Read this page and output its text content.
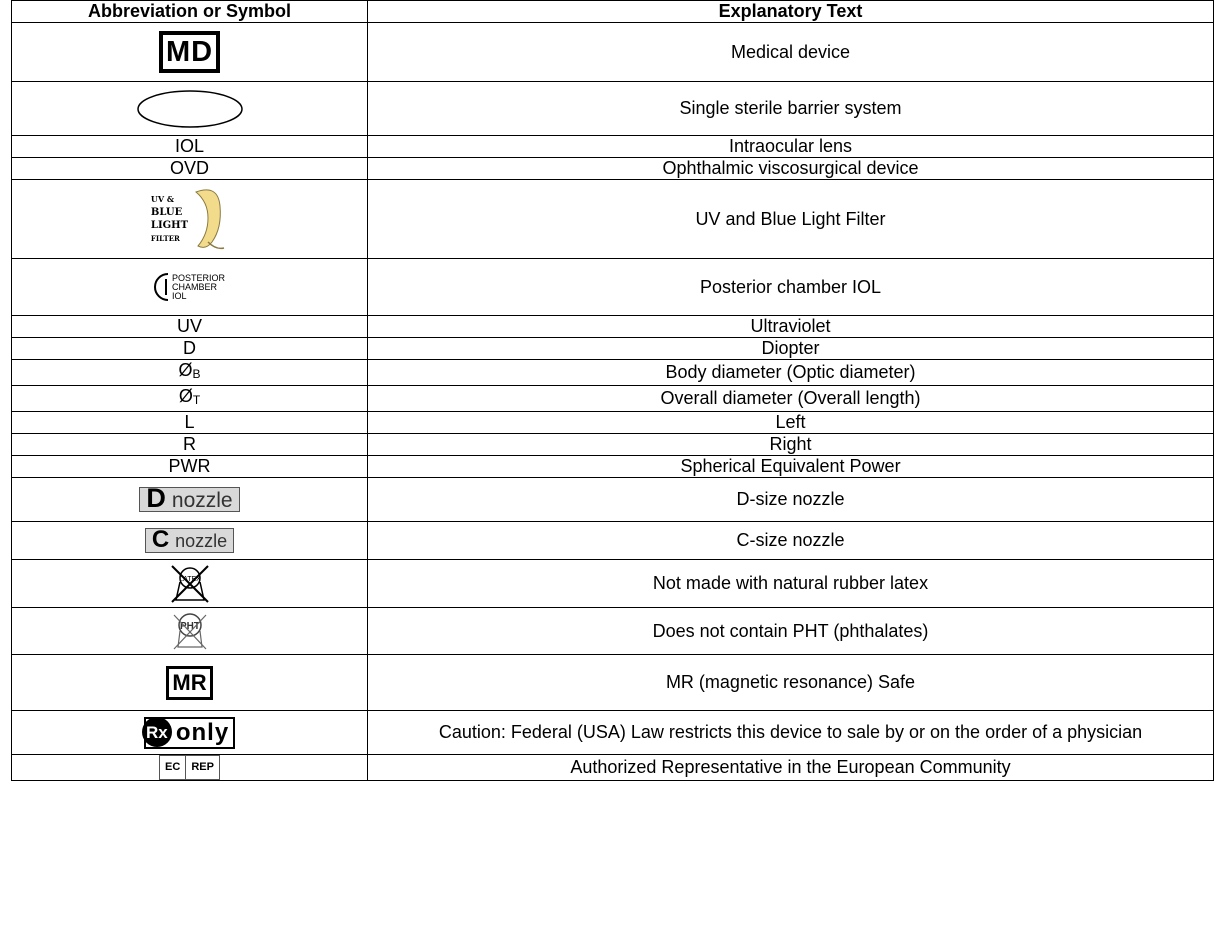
Abbreviation or Symbol	Explanatory Text

MD	Medical device

	Single sterile barrier system
IOL	Intraocular lens
OVD	Ophthalmic viscosurgical device

UV &
BLUE
LIGHT
FILTER	UV and Blue Light Filter

POSTERIOR
CHAMBER
IOL	Posterior chamber IOL
UV	Ultraviolet
D	Diopter
ØB	Body diameter (Optic diameter)
ØT	Overall diameter (Overall length)
L	Left
R	Right
PWR	Spherical Equivalent Power

D nozzle	D-size nozzle

C nozzle	C-size nozzle

LATEX	Not made with natural rubber latex

PHT	Does not contain PHT (phthalates)

MR	MR (magnetic resonance) Safe

Rx only	Caution: Federal (USA) Law restricts this device to sale by or on the order of a physician

EC REP	Authorized Representative in the European Community
